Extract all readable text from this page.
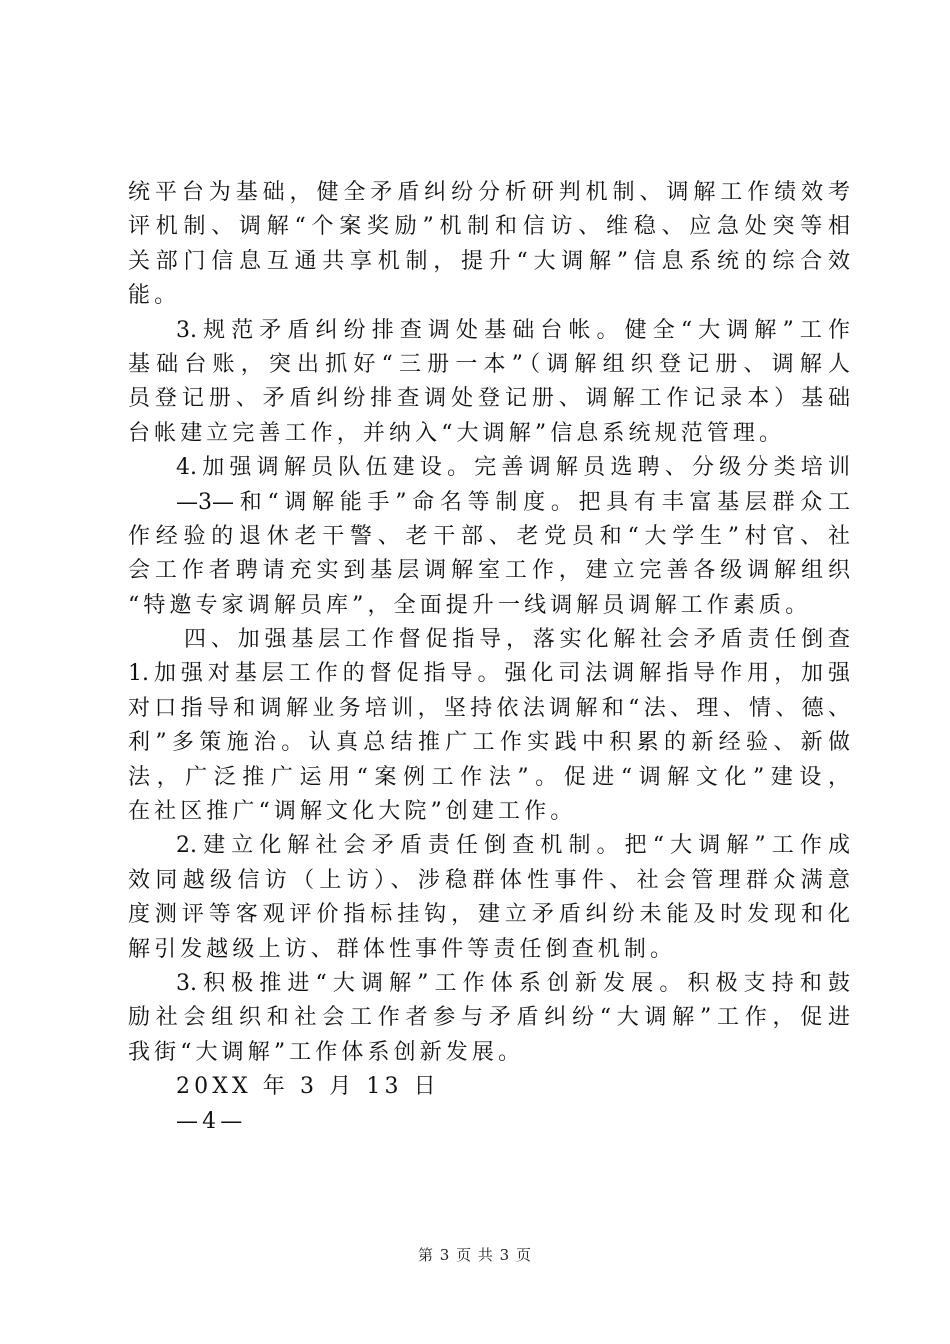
统平台为基础，健全矛盾纠纷分析研判机制、调解工作绩效考
评机制、调解“个案奖励”机制和信访、维稳、应急处突等相
关部门信息互通共享机制，提升“大调解”信息系统的综合效
能。
3.规范矛盾纠纷排查调处基础台帐。健全“大调解”工作
基础台账，突出抓好“三册一本”（调解组织登记册、调解人
员登记册、矛盾纠纷排查调处登记册、调解工作记录本）基础
台帐建立完善工作，并纳入“大调解”信息系统规范管理。
4.加强调解员队伍建设。完善调解员选聘、分级分类培训
—3—和“调解能手”命名等制度。把具有丰富基层群众工
作经验的退休老干警、老干部、老党员和“大学生”村官、社
会工作者聘请充实到基层调解室工作，建立完善各级调解组织
“特邀专家调解员库”，全面提升一线调解员调解工作素质。
四、加强基层工作督促指导，落实化解社会矛盾责任倒查
1.加强对基层工作的督促指导。强化司法调解指导作用，加强
对口指导和调解业务培训，坚持依法调解和“法、理、情、德、
利”多策施治。认真总结推广工作实践中积累的新经验、新做
法，广泛推广运用“案例工作法”。促进“调解文化”建设，
在社区推广“调解文化大院”创建工作。
2.建立化解社会矛盾责任倒查机制。把“大调解”工作成
效同越级信访（上访）、涉稳群体性事件、社会管理群众满意
度测评等客观评价指标挂钩，建立矛盾纠纷未能及时发现和化
解引发越级上访、群体性事件等责任倒查机制。
3.积极推进“大调解”工作体系创新发展。积极支持和鼓
励社会组织和社会工作者参与矛盾纠纷“大调解”工作，促进
我街“大调解”工作体系创新发展。
20XX 年 3 月 13 日
—4—
第 3 页 共 3 页
